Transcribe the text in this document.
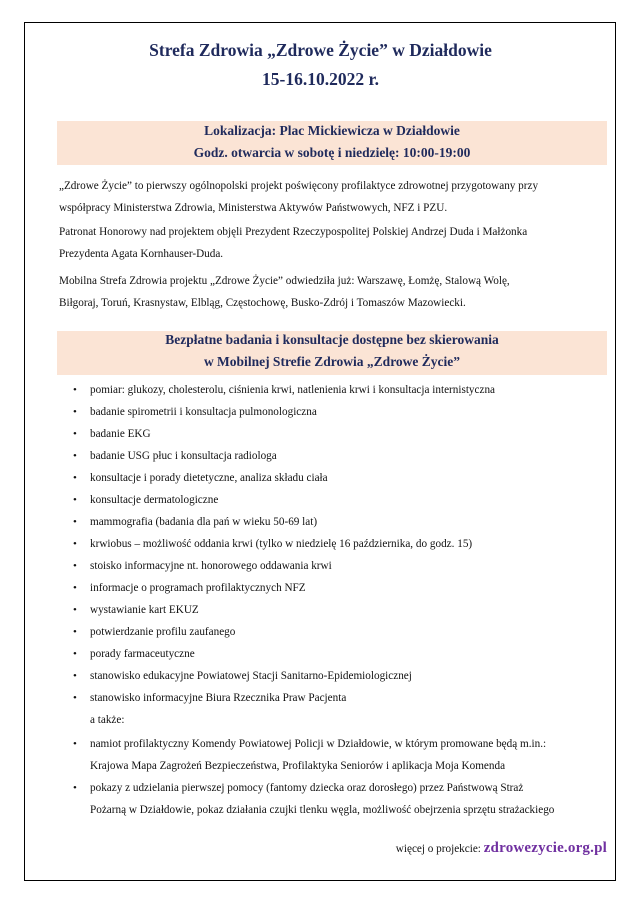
Strefa Zdrowia „Zdrowe Życie” w Działdowie
15-16.10.2022 r.
Lokalizacja: Plac Mickiewicza w Działdowie
Godz. otwarcia w sobotę i niedzielę: 10:00-19:00
„Zdrowe Życie” to pierwszy ogólnopolski projekt poświęcony profilaktyce zdrowotnej przygotowany przy
współpracy Ministerstwa Zdrowia, Ministerstwa Aktywów Państwowych, NFZ i PZU.
Patronat Honorowy nad projektem objęli Prezydent Rzeczypospolitej Polskiej Andrzej Duda i Małżonka
Prezydenta Agata Kornhauser-Duda.
Mobilna Strefa Zdrowia projektu „Zdrowe Życie” odwiedziła już: Warszawę, Łomżę, Stalową Wolę,
Biłgoraj, Toruń, Krasnystaw, Elbląg, Częstochowę, Busko-Zdrój i Tomaszów Mazowiecki.
Bezpłatne badania i konsultacje dostępne bez skierowania
w Mobilnej Strefie Zdrowia „Zdrowe Życie”
• pomiar: glukozy, cholesterolu, ciśnienia krwi, natlenienia krwi i konsultacja internistyczna
• badanie spirometrii i konsultacja pulmonologiczna
• badanie EKG
• badanie USG płuc i konsultacja radiologa
• konsultacje i porady dietetyczne, analiza składu ciała
• konsultacje dermatologiczne
• mammografia (badania dla pań w wieku 50-69 lat)
• krwiobus – możliwość oddania krwi (tylko w niedzielę 16 października, do godz. 15)
• stoisko informacyjne nt. honorowego oddawania krwi
• informacje o programach profilaktycznych NFZ
• wystawianie kart EKUZ
• potwierdzanie profilu zaufanego
• porady farmaceutyczne
• stanowisko edukacyjne Powiatowej Stacji Sanitarno-Epidemiologicznej
• stanowisko informacyjne Biura Rzecznika Praw Pacjenta
a także:
• namiot profilaktyczny Komendy Powiatowej Policji w Działdowie, w którym promowane będą m.in.:
Krajowa Mapa Zagrożeń Bezpieczeństwa, Profilaktyka Seniorów i aplikacja Moja Komenda
• pokazy z udzielania pierwszej pomocy (fantomy dziecka oraz dorosłego) przez Państwową Straż
Pożarną w Działdowie, pokaz działania czujki tlenku węgla, możliwość obejrzenia sprzętu strażackiego
więcej o projekcie: zdrowezycie.org.pl
